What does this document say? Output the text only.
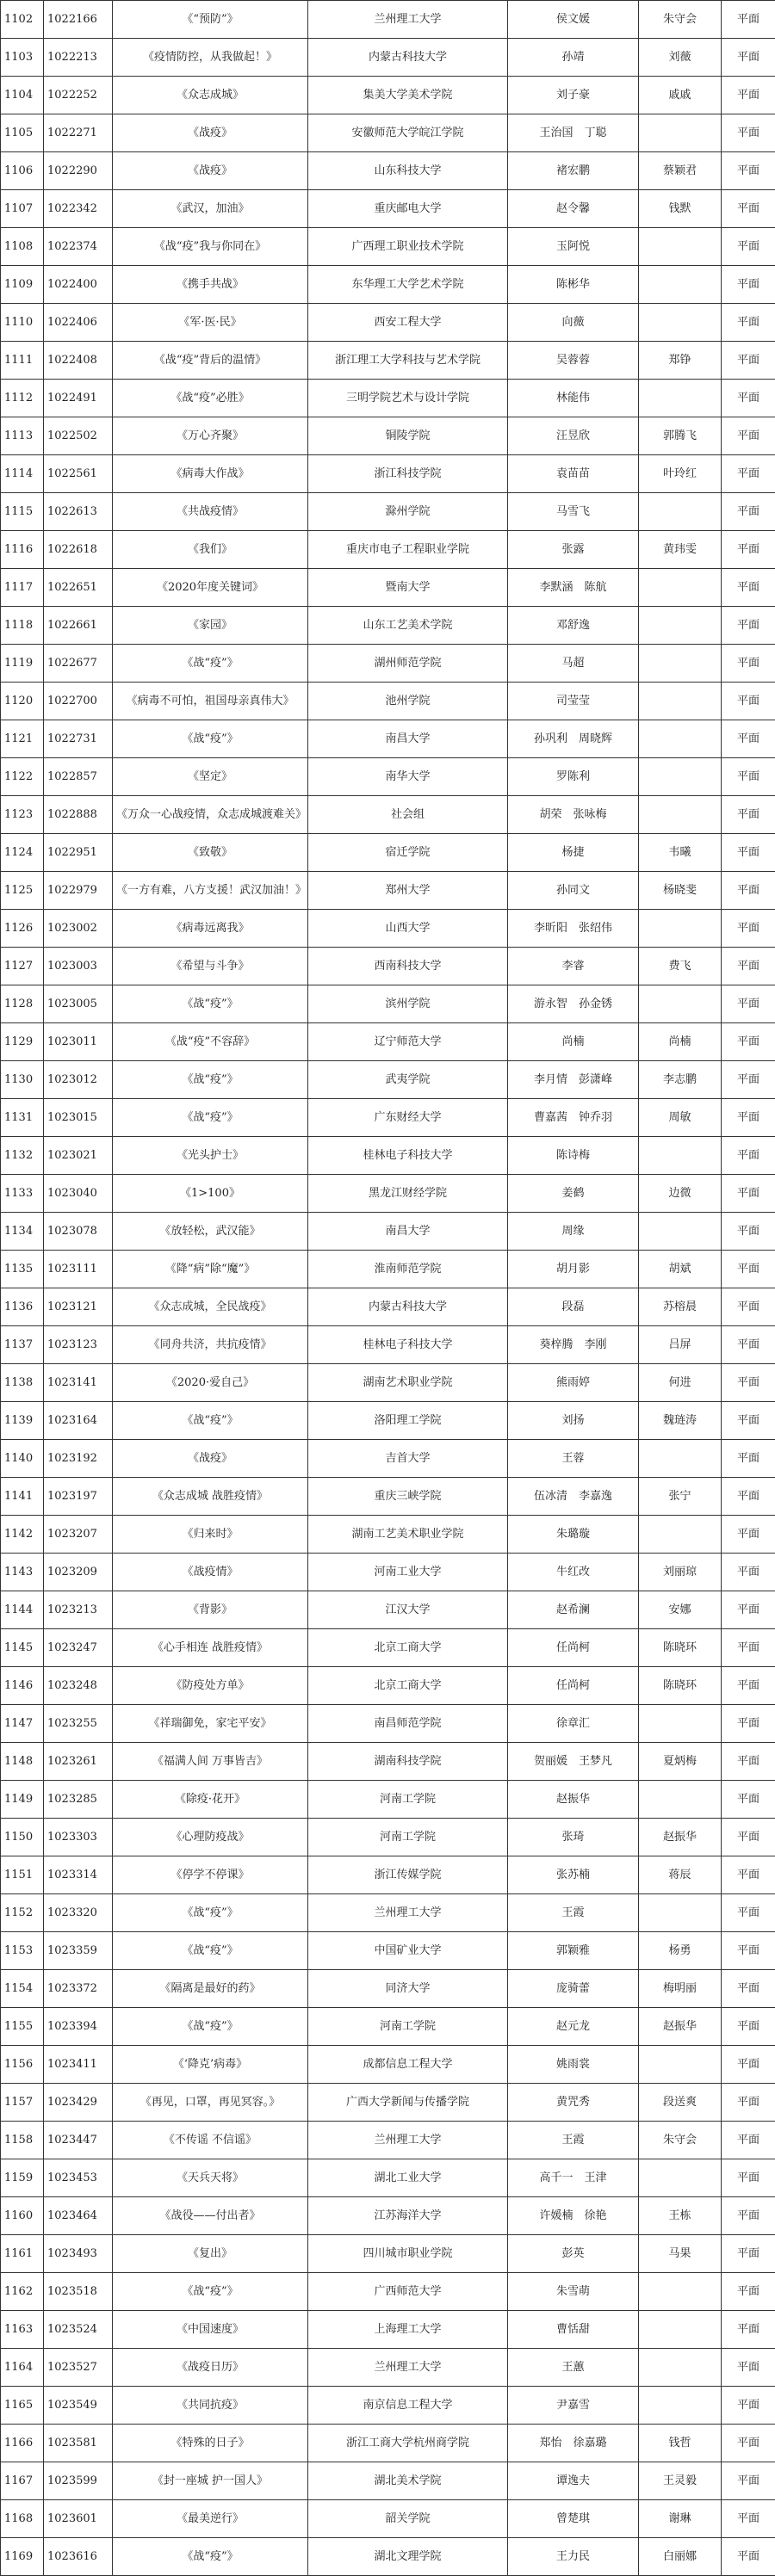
1102	1022166	《“预防”》	兰州理工大学	侯文媛	朱守会	平面
1103	1022213	《疫情防控，从我做起！》	内蒙古科技大学	孙靖	刘薇	平面
1104	1022252	《众志成城》	集美大学美术学院	刘子豪	戚戚	平面
1105	1022271	《战疫》	安徽师范大学皖江学院	王治国　丁聪		平面
1106	1022290	《战疫》	山东科技大学	褚宏鹏	蔡颖君	平面
1107	1022342	《武汉，加油》	重庆邮电大学	赵令馨	钱默	平面
1108	1022374	《战“疫”我与你同在》	广西理工职业技术学院	玉阿悦		平面
1109	1022400	《携手共战》	东华理工大学艺术学院	陈彬华		平面
1110	1022406	《军·医·民》	西安工程大学	向薇		平面
1111	1022408	《战“疫”背后的温情》	浙江理工大学科技与艺术学院	吴蓉蓉	郑铮	平面
1112	1022491	《战“疫”必胜》	三明学院艺术与设计学院	林能伟		平面
1113	1022502	《万心齐聚》	铜陵学院	汪昱欣	郭腾飞	平面
1114	1022561	《病毒大作战》	浙江科技学院	袁苗苗	叶玲红	平面
1115	1022613	《共战疫情》	滁州学院	马雪飞		平面
1116	1022618	《我们》	重庆市电子工程职业学院	张露	黄玮雯	平面
1117	1022651	《2020年度关键词》	暨南大学	李默涵　陈航		平面
1118	1022661	《家园》	山东工艺美术学院	邓舒逸		平面
1119	1022677	《战“疫”》	湖州师范学院	马超		平面
1120	1022700	《病毒不可怕，祖国母亲真伟大》	池州学院	司莹莹		平面
1121	1022731	《战“疫”》	南昌大学	孙巩利　周晓辉		平面
1122	1022857	《坚定》	南华大学	罗陈利		平面
1123	1022888	《万众一心战疫情，众志成城渡难关》	社会组	胡荣　张咏梅		平面
1124	1022951	《致敬》	宿迁学院	杨捷	韦曦	平面
1125	1022979	《一方有难，八方支援！武汉加油！》	郑州大学	孙同文	杨晓斐	平面
1126	1023002	《病毒远离我》	山西大学	李昕阳　张绍伟		平面
1127	1023003	《希望与斗争》	西南科技大学	李睿	费飞	平面
1128	1023005	《战“疫”》	滨州学院	游永智　孙金锈		平面
1129	1023011	《战“疫”不容辞》	辽宁师范大学	尚楠	尚楠	平面
1130	1023012	《战“疫”》	武夷学院	李月情　彭潇峰	李志鹏	平面
1131	1023015	《战“疫”》	广东财经大学	曹嘉茜　钟乔羽	周敏	平面
1132	1023021	《光头护士》	桂林电子科技大学	陈诗梅		平面
1133	1023040	《1>100》	黑龙江财经学院	姜鹤	边微	平面
1134	1023078	《放轻松，武汉能》	南昌大学	周缘		平面
1135	1023111	《降“病”除“魔”》	淮南师范学院	胡月影	胡斌	平面
1136	1023121	《众志成城，全民战疫》	内蒙古科技大学	段磊	苏榕晨	平面
1137	1023123	《同舟共济，共抗疫情》	桂林电子科技大学	葵梓腾　李刚	吕屏	平面
1138	1023141	《2020·爱自己》	湖南艺术职业学院	熊雨婷	何进	平面
1139	1023164	《战“疫”》	洛阳理工学院	刘扬	魏琏涛	平面
1140	1023192	《战疫》	吉首大学	王蓉		平面
1141	1023197	《众志成城 战胜疫情》	重庆三峡学院	伍冰清　李嘉逸	张宁	平面
1142	1023207	《归来时》	湖南工艺美术职业学院	朱璐璇		平面
1143	1023209	《战疫情》	河南工业大学	牛红改	刘丽琼	平面
1144	1023213	《背影》	江汉大学	赵希澜	安娜	平面
1145	1023247	《心手相连 战胜疫情》	北京工商大学	任尚柯	陈晓环	平面
1146	1023248	《防疫处方单》	北京工商大学	任尚柯	陈晓环	平面
1147	1023255	《祥瑞御免，家宅平安》	南昌师范学院	徐章汇		平面
1148	1023261	《福满人间 万事皆吉》	湖南科技学院	贺丽媛　王梦凡	夏炳梅	平面
1149	1023285	《除疫·花开》	河南工学院	赵振华		平面
1150	1023303	《心理防疫战》	河南工学院	张琦	赵振华	平面
1151	1023314	《停学不停课》	浙江传媒学院	张苏楠	蒋辰	平面
1152	1023320	《战“疫”》	兰州理工大学	王霞		平面
1153	1023359	《战“疫”》	中国矿业大学	郭颖雅	杨勇	平面
1154	1023372	《隔离是最好的药》	同济大学	庞骑蕾	梅明丽	平面
1155	1023394	《战“疫”》	河南工学院	赵元龙	赵振华	平面
1156	1023411	《‘降克’病毒》	成都信息工程大学	姚雨裳		平面
1157	1023429	《再见，口罩，再见冥容。》	广西大学新闻与传播学院	黄咒秀	段送爽	平面
1158	1023447	《不传谣 不信谣》	兰州理工大学	王霞	朱守会	平面
1159	1023453	《天兵天将》	湖北工业大学	高千一　王津		平面
1160	1023464	《战役——付出者》	江苏海洋大学	许媛楠　徐艳	王栋	平面
1161	1023493	《复出》	四川城市职业学院	彭英	马果	平面
1162	1023518	《战“疫”》	广西师范大学	朱雪萌		平面
1163	1023524	《中国速度》	上海理工大学	曹恬甜		平面
1164	1023527	《战疫日历》	兰州理工大学	王蕙		平面
1165	1023549	《共同抗疫》	南京信息工程大学	尹嘉雪		平面
1166	1023581	《特殊的日子》	浙江工商大学杭州商学院	郑怡　徐嘉璐	钱哲	平面
1167	1023599	《封一座城 护一国人》	湖北美术学院	谭逸夫	王灵毅	平面
1168	1023601	《最美逆行》	韶关学院	曾楚琪	谢琳	平面
1169	1023616	《战“疫”》	湖北文理学院	王力民	白丽娜	平面
